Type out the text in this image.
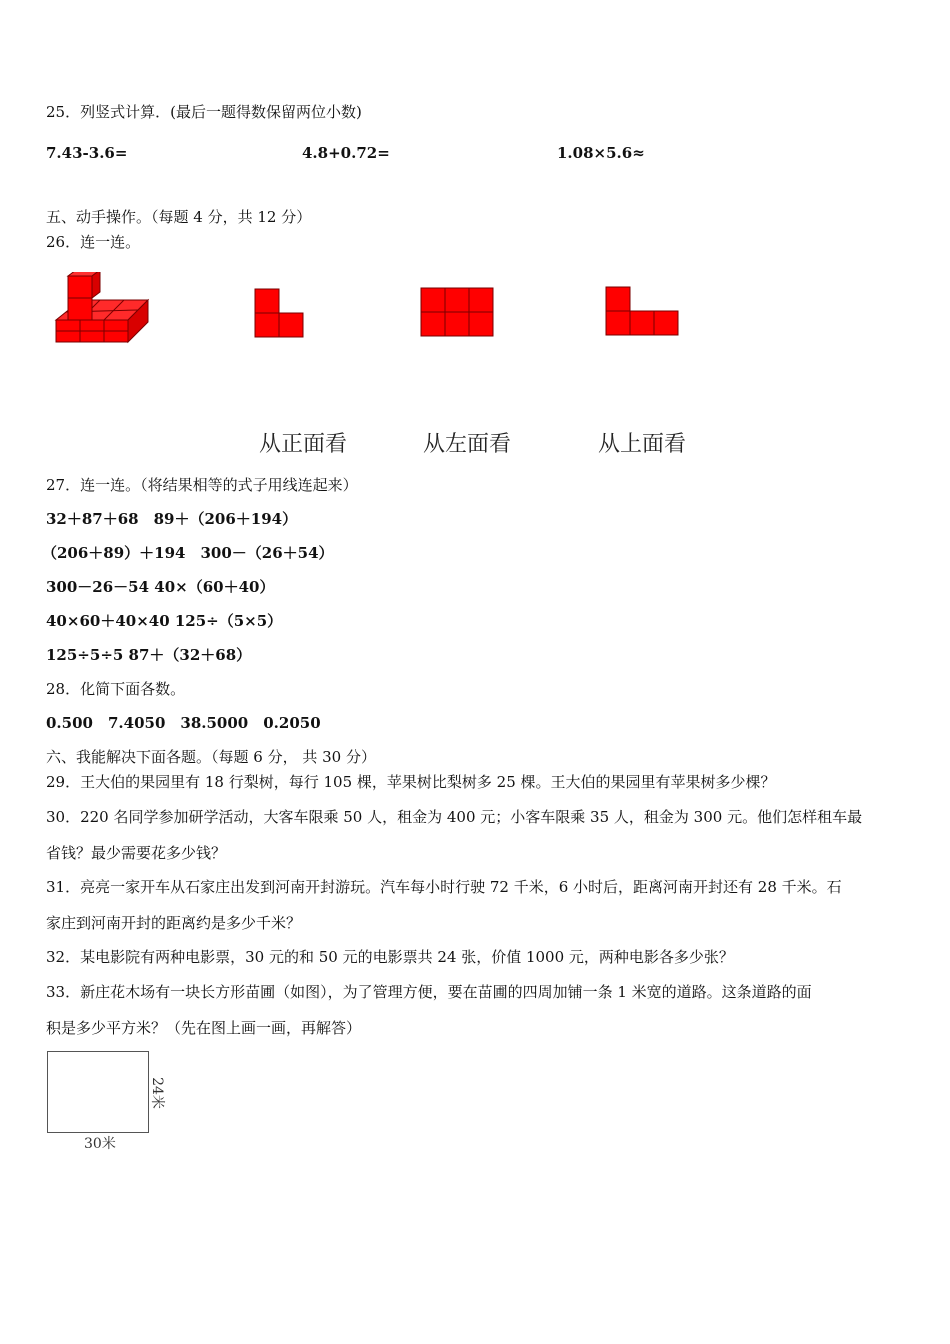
25．列竖式计算．(最后一题得数保留两位小数)
7.43-3.6=	4.8+0.72=	1.08×5.6≈
五、动手操作。（每题 4 分，共 12 分）
26．连一连。
从正面看	从左面看	从上面看
27．连一连。（将结果相等的式子用线连起来）
32＋87＋68　89＋（206＋194）
（206＋89）＋194　300－（26＋54）
300－26－54 40×（60＋40）
40×60＋40×40 125÷（5×5）
125÷5÷5 87＋（32＋68）
28．化简下面各数。
0.500　7.4050　38.5000　0.2050
六、我能解决下面各题。（每题 6 分， 共 30 分）
29．王大伯的果园里有 18 行梨树，每行 105 棵，苹果树比梨树多 25 棵。王大伯的果园里有苹果树多少棵？
30．220 名同学参加研学活动，大客车限乘 50 人，租金为 400 元；小客车限乘 35 人，租金为 300 元。他们怎样租车最
省钱？最少需要花多少钱？
31．亮亮一家开车从石家庄出发到河南开封游玩。汽车每小时行驶 72 千米，6 小时后，距离河南开封还有 28 千米。石
家庄到河南开封的距离约是多少千米？
32．某电影院有两种电影票，30 元的和 50 元的电影票共 24 张，价值 1000 元，两种电影各多少张？
33．新庄花木场有一块长方形苗圃（如图），为了管理方便，要在苗圃的四周加铺一条 1 米宽的道路。这条道路的面
积是多少平方米？（先在图上画一画，再解答）
30米
24米
